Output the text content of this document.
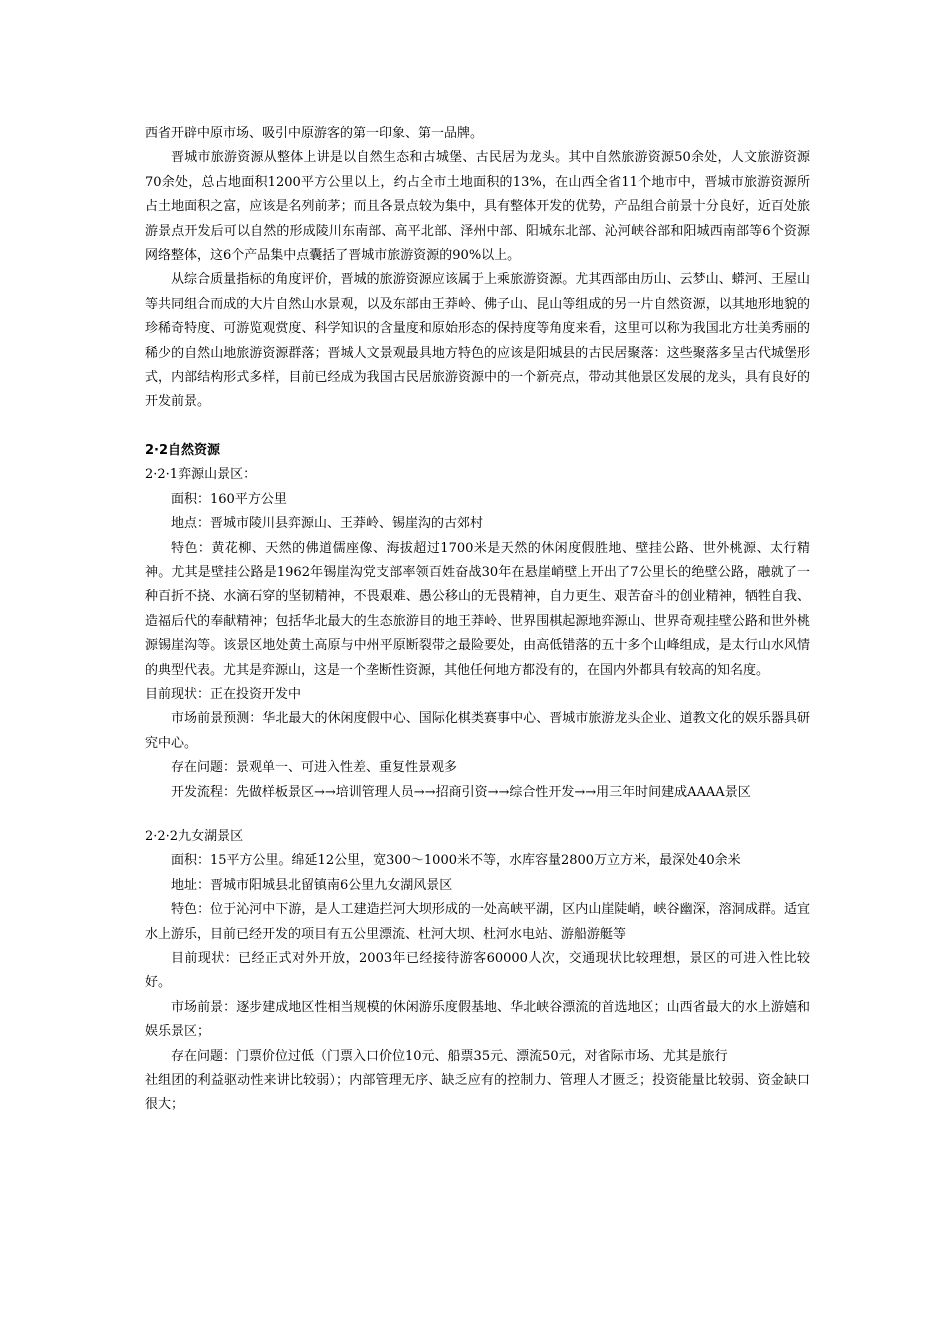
西省开辟中原市场、吸引中原游客的第一印象、第一品牌。

晋城市旅游资源从整体上讲是以自然生态和古城堡、古民居为龙头。其中自然旅游资源50余处，人文旅游资源70余处，总占地面积1200平方公里以上，约占全市土地面积的13%，在山西全省11个地市中，晋城市旅游资源所占土地面积之富，应该是名列前茅；而且各景点较为集中，具有整体开发的优势，产品组合前景十分良好，近百处旅游景点开发后可以自然的形成陵川东南部、高平北部、泽州中部、阳城东北部、沁河峡谷部和阳城西南部等6个资源网络整体，这6个产品集中点囊括了晋城市旅游资源的90%以上。

从综合质量指标的角度评价，晋城的旅游资源应该属于上乘旅游资源。尤其西部由历山、云梦山、蟒河、王屋山等共同组合而成的大片自然山水景观，以及东部由王莽岭、佛子山、昆山等组成的另一片自然资源，以其地形地貌的珍稀奇特度、可游览观赏度、科学知识的含量度和原始形态的保持度等角度来看，这里可以称为我国北方壮美秀丽的稀少的自然山地旅游资源群落；晋城人文景观最具地方特色的应该是阳城县的古民居聚落：这些聚落多呈古代城堡形式，内部结构形式多样，目前已经成为我国古民居旅游资源中的一个新亮点，带动其他景区发展的龙头，具有良好的开发前景。

2·2自然资源

2·2·1弈源山景区：

面积：160平方公里

地点：晋城市陵川县弈源山、王莽岭、锡崖沟的古郊村

特色：黄花柳、天然的佛道儒座像、海拔超过1700米是天然的休闲度假胜地、壁挂公路、世外桃源、太行精神。尤其是壁挂公路是1962年锡崖沟党支部率领百姓奋战30年在悬崖峭壁上开出了7公里长的绝壁公路，融就了一种百折不挠、水滴石穿的坚韧精神，不畏艰难、愚公移山的无畏精神，自力更生、艰苦奋斗的创业精神，牺牲自我、造福后代的奉献精神；包括华北最大的生态旅游目的地王莽岭、世界围棋起源地弈源山、世界奇观挂壁公路和世外桃源锡崖沟等。该景区地处黄土高原与中州平原断裂带之最险要处，由高低错落的五十多个山峰组成，是太行山水风情的典型代表。尤其是弈源山，这是一个垄断性资源，其他任何地方都没有的，在国内外都具有较高的知名度。

目前现状：正在投资开发中

市场前景预测：华北最大的休闲度假中心、国际化棋类赛事中心、晋城市旅游龙头企业、道教文化的娱乐器具研究中心。

存在问题：景观单一、可进入性差、重复性景观多

开发流程：先做样板景区→→培训管理人员→→招商引资→→综合性开发→→用三年时间建成AAAA景区

2·2·2九女湖景区

面积：15平方公里。绵延12公里，宽300～1000米不等，水库容量2800万立方米，最深处40余米

地址：晋城市阳城县北留镇南6公里九女湖风景区

特色：位于沁河中下游，是人工建造拦河大坝形成的一处高峡平湖，区内山崖陡峭，峡谷幽深，溶洞成群。适宜水上游乐，目前已经开发的项目有五公里漂流、杜河大坝、杜河水电站、游船游艇等

目前现状：已经正式对外开放，2003年已经接待游客60000人次，交通现状比较理想，景区的可进入性比较好。

市场前景：逐步建成地区性相当规模的休闲游乐度假基地、华北峡谷漂流的首选地区；山西省最大的水上游嬉和娱乐景区；

存在问题：门票价位过低（门票入口价位10元、船票35元、漂流50元，对省际市场、尤其是旅行

社组团的利益驱动性来讲比较弱）；内部管理无序、缺乏应有的控制力、管理人才匮乏；投资能量比较弱、资金缺口很大；
